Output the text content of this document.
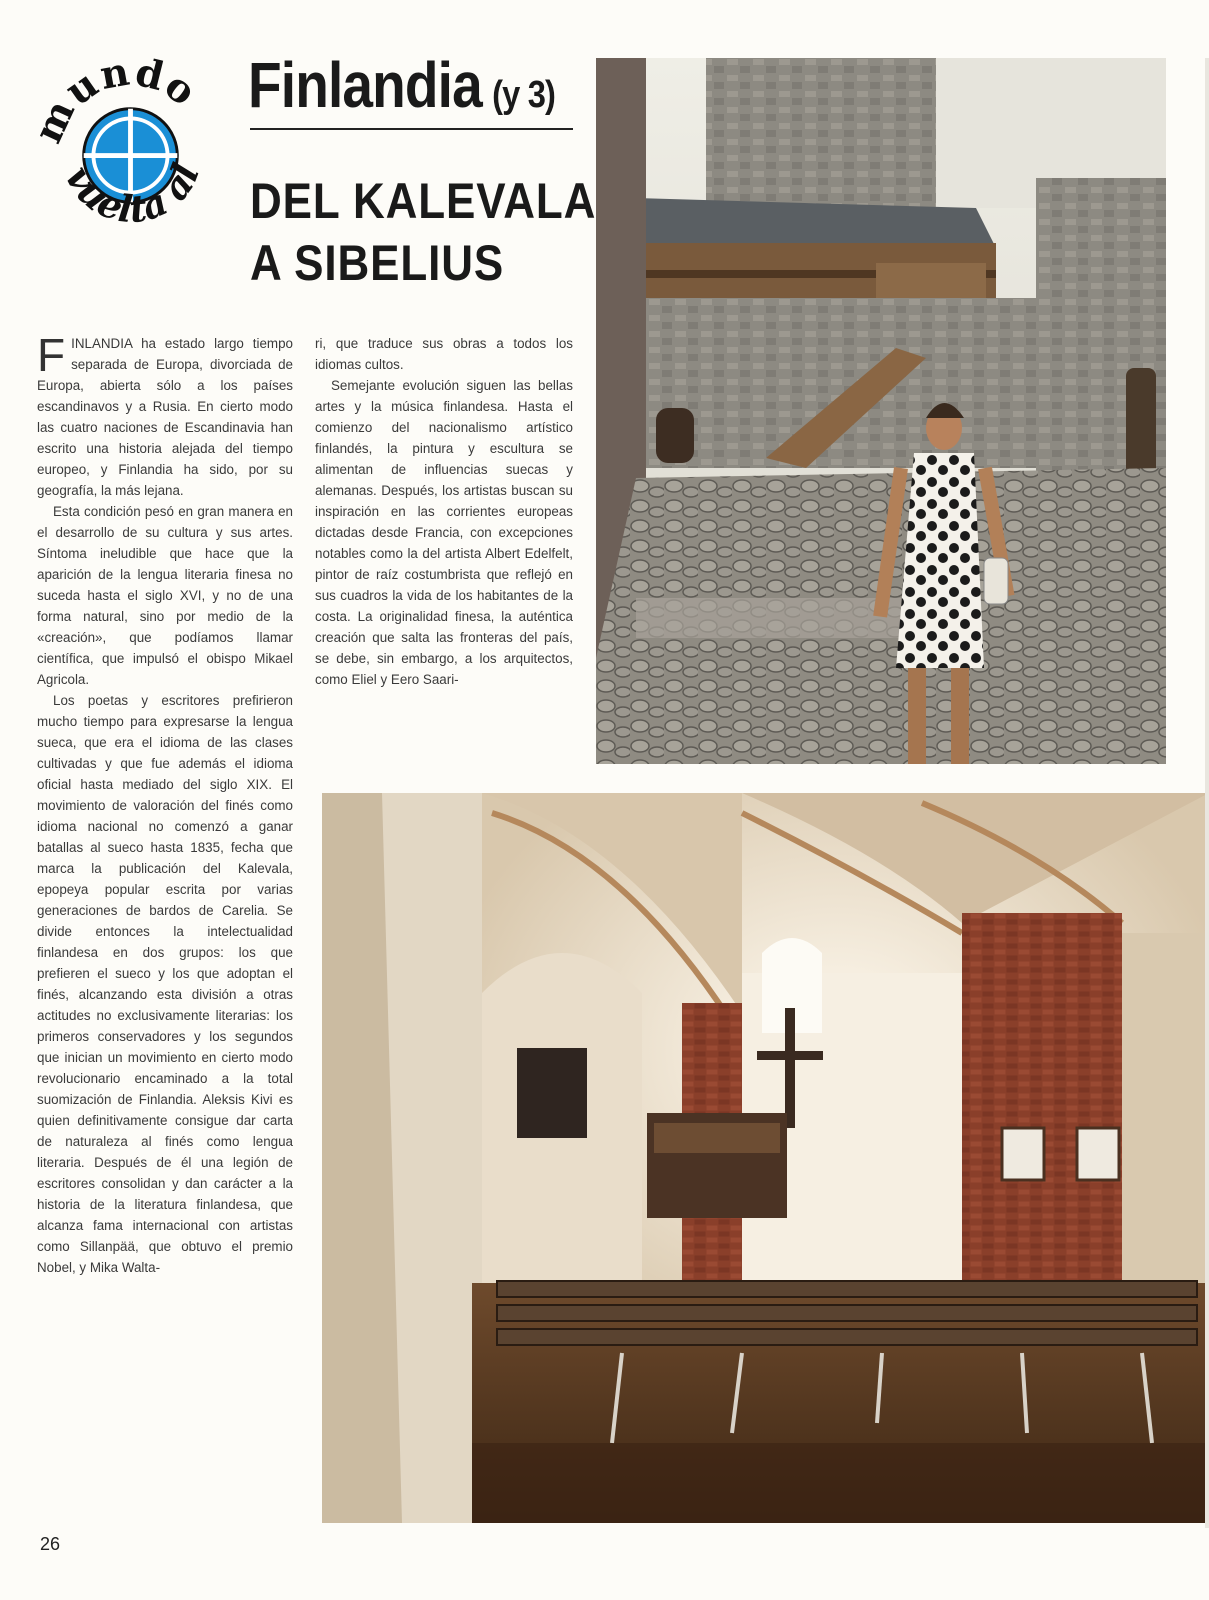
undo
vuelta al
Finlandia (y 3)
DEL KALEVALA
A SIBELIUS

FINLANDIA ha estado largo tiempo separada de Europa, divorciada de Europa, abierta sólo a los países escandinavos y a Rusia. En cierto modo las cuatro naciones de Escandinavia han escrito una historia alejada del tiempo europeo, y Finlandia ha sido, por su geografía, la más lejana.

Esta condición pesó en gran manera en el desarrollo de su cultura y sus artes. Síntoma ineludible que hace que la aparición de la lengua literaria finesa no suceda hasta el siglo XVI, y no de una forma natural, sino por medio de la «creación», que podíamos llamar científica, que impulsó el obispo Mikael Agricola.

Los poetas y escritores prefirieron mucho tiempo para expresarse la lengua sueca, que era el idioma de las clases cultivadas y que fue además el idioma oficial hasta mediado del siglo XIX. El movimiento de valoración del finés como idioma nacional no comenzó a ganar batallas al sueco hasta 1835, fecha que marca la publicación del Kalevala, epopeya popular escrita por varias generaciones de bardos de Carelia. Se divide entonces la intelectualidad finlandesa en dos grupos: los que prefieren el sueco y los que adoptan el finés, alcanzando esta división a otras actitudes no exclusivamente literarias: los primeros conservadores y los segundos que inician un movimiento en cierto modo revolucionario encaminado a la total suomización de Finlandia. Aleksis Kivi es quien definitivamente consigue dar carta de naturaleza al finés como lengua literaria. Después de él una legión de escritores consolidan y dan carácter a la historia de la literatura finlandesa, que alcanza fama internacional con artistas como Sillanpää, que obtuvo el premio Nobel, y Mika Walta-

ri, que traduce sus obras a todos los idiomas cultos.

Semejante evolución siguen las bellas artes y la música finlandesa. Hasta el comienzo del nacionalismo artístico finlandés, la pintura y escultura se alimentan de influencias suecas y alemanas. Después, los artistas buscan su inspiración en las corrientes europeas dictadas desde Francia, con excepciones notables como la del artista Albert Edelfelt, pintor de raíz costumbrista que reflejó en sus cuadros la vida de los habitantes de la costa. La originalidad finesa, la auténtica creación que salta las fronteras del país, se debe, sin embargo, a los arquitectos, como Eliel y Eero Saari-

26
